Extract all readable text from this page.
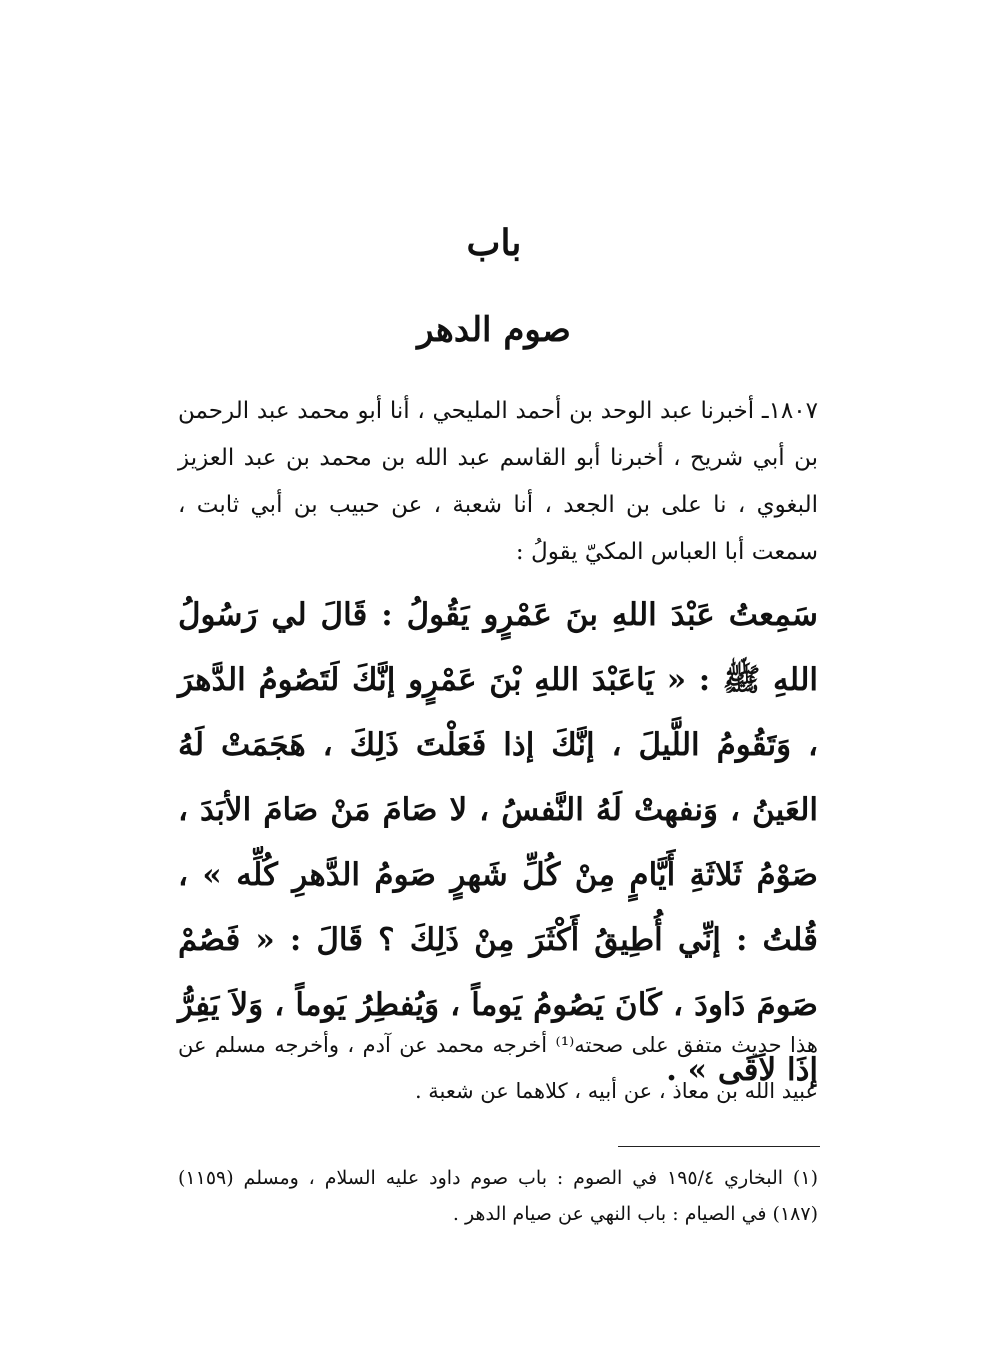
باب
صوم الدهر
١٨٠٧ـ أخبرنا عبد الوحد بن أحمد المليحي ، أنا أبو محمد عبد الرحمن بن أبي شريح ، أخبرنا أبو القاسم عبد الله بن محمد بن عبد العزيز البغوي ، نا على بن الجعد ، أنا شعبة ، عن حبيب بن أبي ثابت ، سمعت أبا العباس المكيّ يقولُ :
سَمِعتُ عَبْدَ اللهِ بنَ عَمْرٍو يَقُولُ : قَالَ لي رَسُولُ اللهِ ﷺ : « يَاعَبْدَ اللهِ بْنَ عَمْرٍو إنَّكَ لَتَصُومُ الدَّهرَ ، وَتَقُومُ اللَّيلَ ، إنَّكَ إذا فَعَلْتَ ذَلِكَ ، هَجَمَتْ لَهُ العَينُ ، وَنفهتْ لَهُ النَّفسُ ، لا صَامَ مَنْ صَامَ الأبَدَ ، صَوْمُ ثَلاثَةِ أَيَّامٍ مِنْ كُلِّ شَهرٍ صَومُ الدَّهرِ كُلِّه » ، قُلتُ : إنِّي أُطِيقُ أَكْثَرَ مِنْ ذَلِكَ ؟ قَالَ : « فَصُمْ صَومَ دَاودَ ، كَانَ يَصُومُ يَوماً ، وَيُفطِرُ يَوماً ، وَلاَ يَفِرُّ إذَا لاَقَى » .
هذا حديث متفق على صحته⁽¹⁾ أخرجه محمد عن آدم ، وأخرجه مسلم عن عبيد الله بن معاذ ، عن أبيه ، كلاهما عن شعبة .
(١) البخاري ١٩٥/٤ في الصوم : باب صوم داود عليه السلام ، ومسلم (١١٥٩) (١٨٧) في الصيام : باب النهي عن صيام الدهر .
